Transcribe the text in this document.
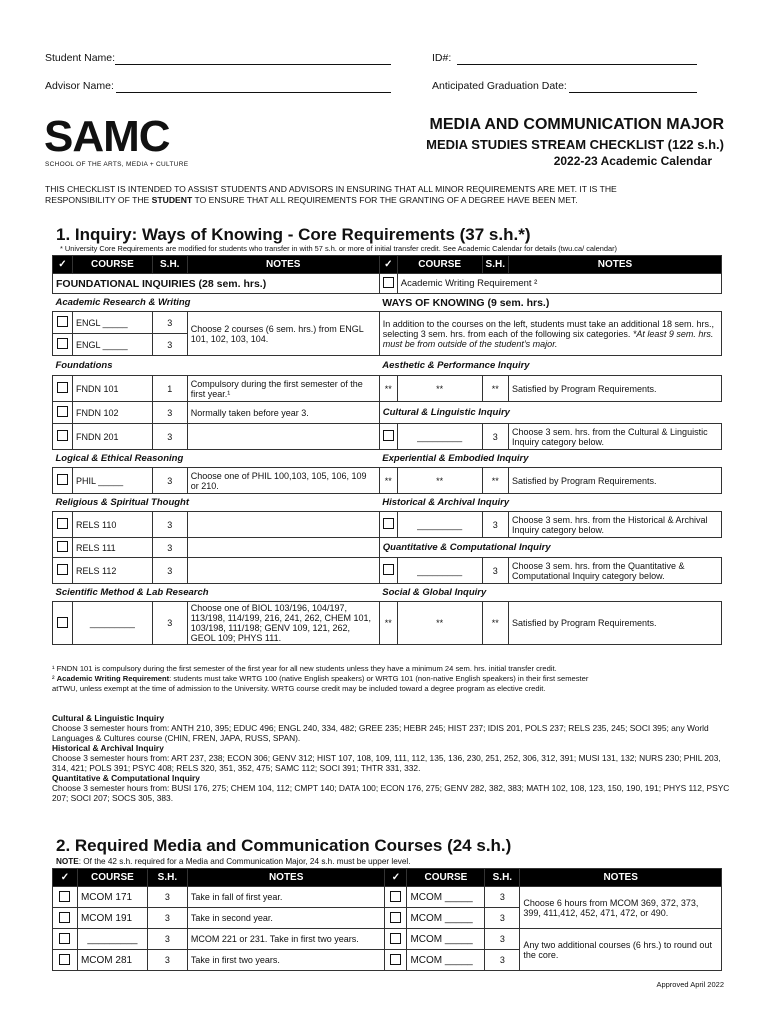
Student Name:	ID#:
Advisor Name:	Anticipated Graduation Date:
SAMC
SCHOOL OF THE ARTS, MEDIA + CULTURE
MEDIA AND COMMUNICATION MAJOR
MEDIA STUDIES STREAM CHECKLIST (122 s.h.)
2022-23 Academic Calendar
THIS CHECKLIST IS INTENDED TO ASSIST STUDENTS AND ADVISORS IN ENSURING THAT ALL MINOR REQUIREMENTS ARE MET. IT IS THE
RESPONSIBILITY OF THE STUDENT TO ENSURE THAT ALL REQUIREMENTS FOR THE GRANTING OF A DEGREE HAVE BEEN MET.
1. Inquiry: Ways of Knowing - Core Requirements (37 s.h.*)
* University Core Requirements are modified for students who transfer in with 57 s.h. or more of initial transfer credit. See Academic Calendar for details (twu.ca/ calendar)
✓	COURSE	S.H.	NOTES	✓	COURSE	S.H.	NOTES
FOUNDATIONAL INQUIRIES (28 sem. hrs.)					Academic Writing Requirement ²		
Academic Research & Writing				WAYS OF KNOWING (9 sem. hrs.)			
	ENGL _____	3	Choose 2 courses (6 sem. hrs.) from ENGL 101, 102, 103, 104.	In addition to the courses on the left, students must take an additional 18 sem. hrs., selecting 3 sem. hrs. from each of the following six categories. *At least 9 sem. hrs. must be from outside of the student’s major.			
	ENGL _____	3					
Foundations				Aesthetic & Performance Inquiry			
	FNDN 101	1	Compulsory during the first semester of the first year.¹	**	**	**	Satisfied by Program Requirements.
	FNDN 102	3	Normally taken before year 3.	Cultural & Linguistic Inquiry			
	FNDN 201	3			_________	3	Choose 3 sem. hrs. from the Cultural & Linguistic Inquiry category below.
Logical & Ethical Reasoning				Experiential & Embodied Inquiry			
	PHIL _____	3	Choose one of PHIL 100,103, 105, 106, 109 or 210.	**	**	**	Satisfied by Program Requirements.
Religious & Spiritual Thought				Historical & Archival Inquiry			
	RELS 110	3			_________	3	Choose 3 sem. hrs. from the Historical & Archival Inquiry category below.
	RELS 111	3		Quantitative & Computational Inquiry			
	RELS 112	3			_________	3	Choose 3 sem. hrs. from the Quantitative & Computational Inquiry category below.
Scientific Method & Lab Research				Social & Global Inquiry			
	_________	3	Choose one of BIOL 103/196, 104/197, 113/198, 114/199, 216, 241, 262, CHEM 101, 103/198, 111/198; GENV 109, 121, 262, GEOL 109; PHYS 111.	**	**	**	Satisfied by Program Requirements.
¹ FNDN 101 is compulsory during the first semester of the first year for all new students unless they have a minimum 24 sem. hrs. initial transfer credit.
² Academic Writing Requirement: students must take WRTG 100 (native English speakers) or WRTG 101 (non-native English speakers) in their first semester
atTWU, unless exempt at the time of admission to the University. WRTG course credit may be included toward a degree program as elective credit.
Cultural & Linguistic Inquiry
Choose 3 semester hours from: ANTH 210, 395; EDUC 496; ENGL 240, 334, 482; GREE 235; HEBR 245; HIST 237; IDIS 201, POLS 237; RELS 235, 245; SOCI 395; any World Languages & Cultures course (CHIN, FREN, JAPA, RUSS, SPAN).
Historical & Archival Inquiry
Choose 3 semester hours from: ART 237, 238; ECON 306; GENV 312; HIST 107, 108, 109, 111, 112, 135, 136, 230, 251, 252, 306, 312, 391; MUSI 131, 132; NURS 230; PHIL 203, 314, 421; POLS 391; PSYC 408; RELS 320, 351, 352, 475; SAMC 112; SOCI 391; THTR 331, 332.
Quantitative & Computational Inquiry
Choose 3 semester hours from: BUSI 176, 275; CHEM 104, 112; CMPT 140; DATA 100; ECON 176, 275; GENV 282, 382, 383; MATH 102, 108, 123, 150, 190, 191; PHYS 112, PSYC 207; SOCI 207; SOCS 305, 383.
2. Required Media and Communication Courses (24 s.h.)
NOTE: Of the 42 s.h. required for a Media and Communication Major, 24 s.h. must be upper level.
✓	COURSE	S.H.	NOTES	✓	COURSE	S.H.	NOTES
	MCOM 171	3	Take in fall of first year.		MCOM _____	3	Choose 6 hours from MCOM 369, 372, 373, 399, 411,412, 452, 471, 472, or 490.
	MCOM 191	3	Take in second year.		MCOM _____	3	
	_________	3	MCOM 221 or 231. Take in first two years.		MCOM _____	3	Any two additional courses (6 hrs.) to round out the core.
	MCOM 281	3	Take in first two years.		MCOM _____	3	
Approved April 2022
